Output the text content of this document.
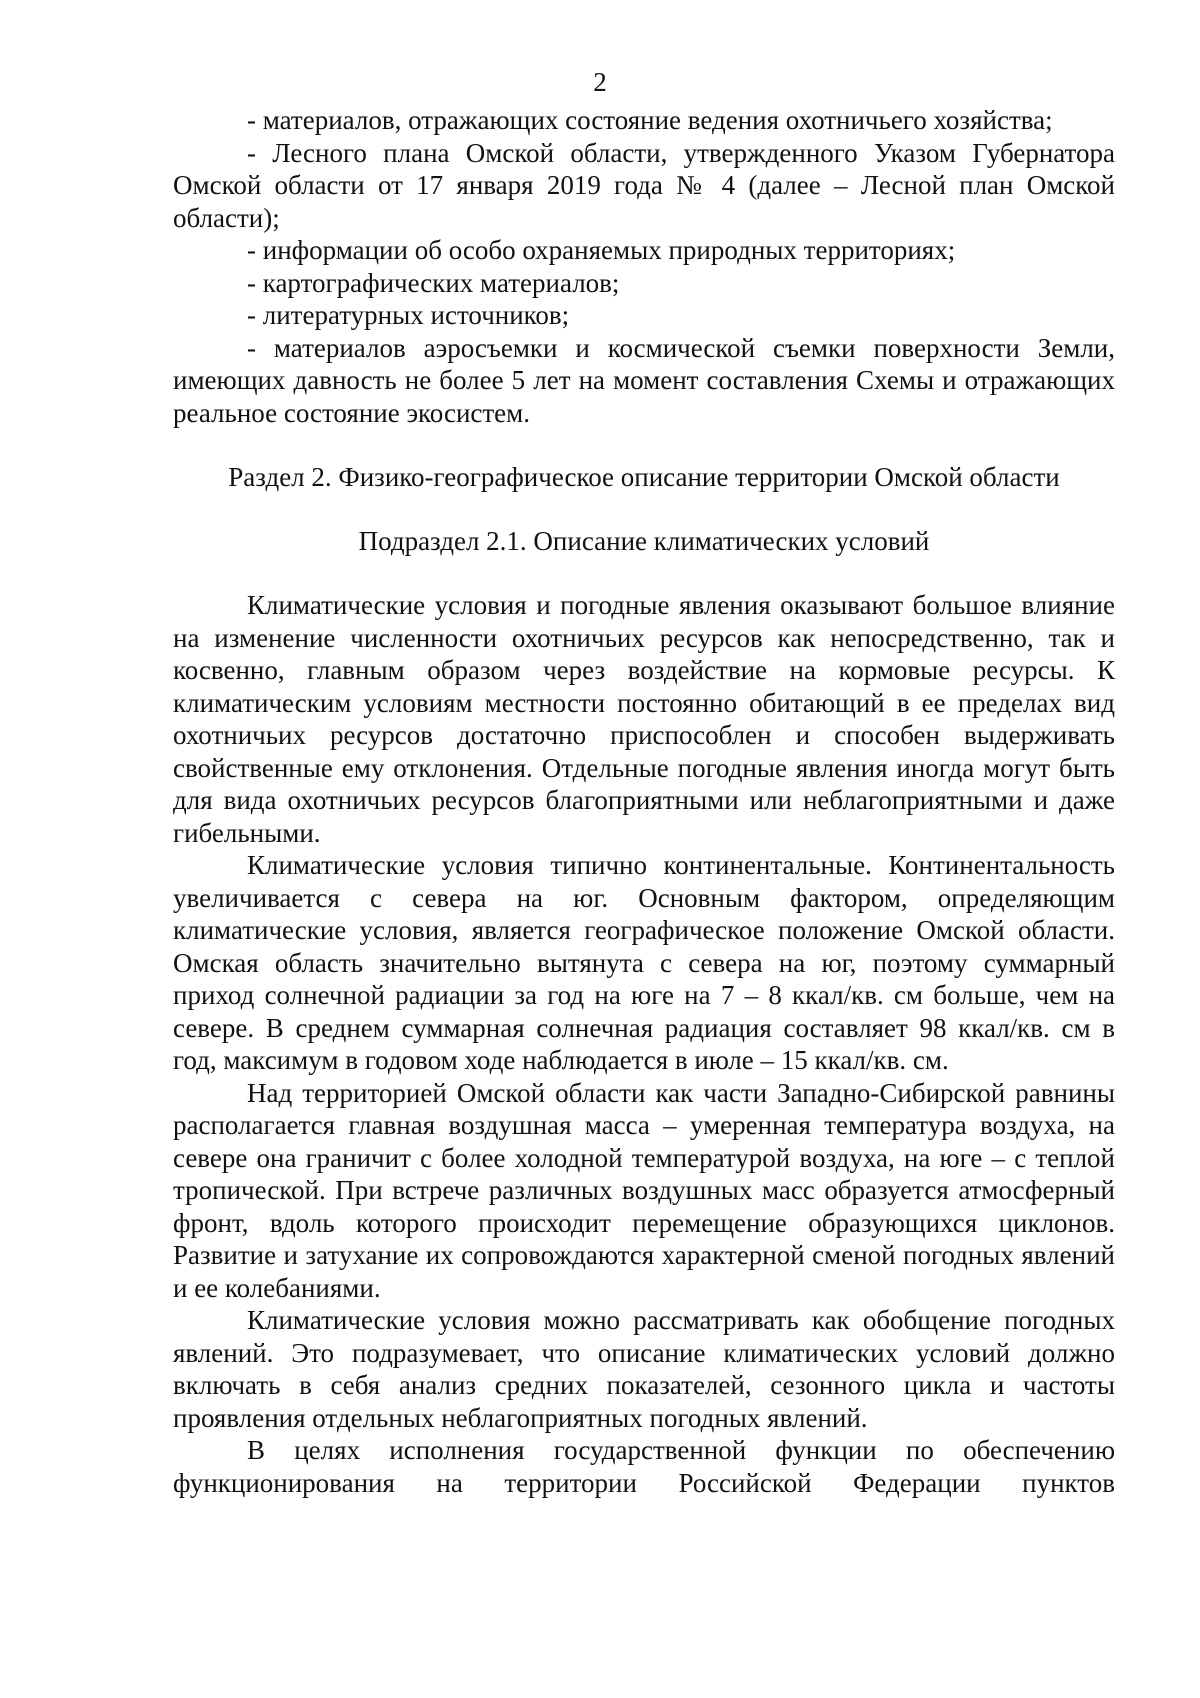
2

- материалов, отражающих состояние ведения охотничьего хозяйства;

- Лесного плана Омской области, утвержденного Указом Губернатора Омской области от 17 января 2019 года № 4 (далее – Лесной план Омской области);

- информации об особо охраняемых природных территориях;

- картографических материалов;

- литературных источников;

- материалов аэросъемки и космической съемки поверхности Земли, имеющих давность не более 5 лет на момент составления Схемы и отражающих реальное состояние экосистем.

Раздел 2. Физико-географическое описание территории Омской области
Подраздел 2.1. Описание климатических условий

Климатические условия и погодные явления оказывают большое влияние на изменение численности охотничьих ресурсов как непосредственно, так и косвенно, главным образом через воздействие на кормовые ресурсы. К климатическим условиям местности постоянно обитающий в ее пределах вид охотничьих ресурсов достаточно приспособлен и способен выдерживать свойственные ему отклонения. Отдельные погодные явления иногда могут быть для вида охотничьих ресурсов благоприятными или неблагоприятными и даже гибельными.

Климатические условия типично континентальные. Континентальность увеличивается с севера на юг. Основным фактором, определяющим климатические условия, является географическое положение Омской области. Омская область значительно вытянута с севера на юг, поэтому суммарный приход солнечной радиации за год на юге на 7 – 8 ккал/кв. см больше, чем на севере. В среднем суммарная солнечная радиация составляет 98 ккал/кв. см в год, максимум в годовом ходе наблюдается в июле – 15 ккал/кв. см.

Над территорией Омской области как части Западно-Сибирской равнины располагается главная воздушная масса – умеренная температура воздуха, на севере она граничит с более холодной температурой воздуха, на юге – с теплой тропической. При встрече различных воздушных масс образуется атмосферный фронт, вдоль которого происходит перемещение образующихся циклонов. Развитие и затухание их сопровождаются характерной сменой погодных явлений и ее колебаниями.

Климатические условия можно рассматривать как обобщение погодных явлений. Это подразумевает, что описание климатических условий должно включать в себя анализ средних показателей, сезонного цикла и частоты проявления отдельных неблагоприятных погодных явлений.

В целях исполнения государственной функции по обеспечению функционирования на территории Российской Федерации пунктов
